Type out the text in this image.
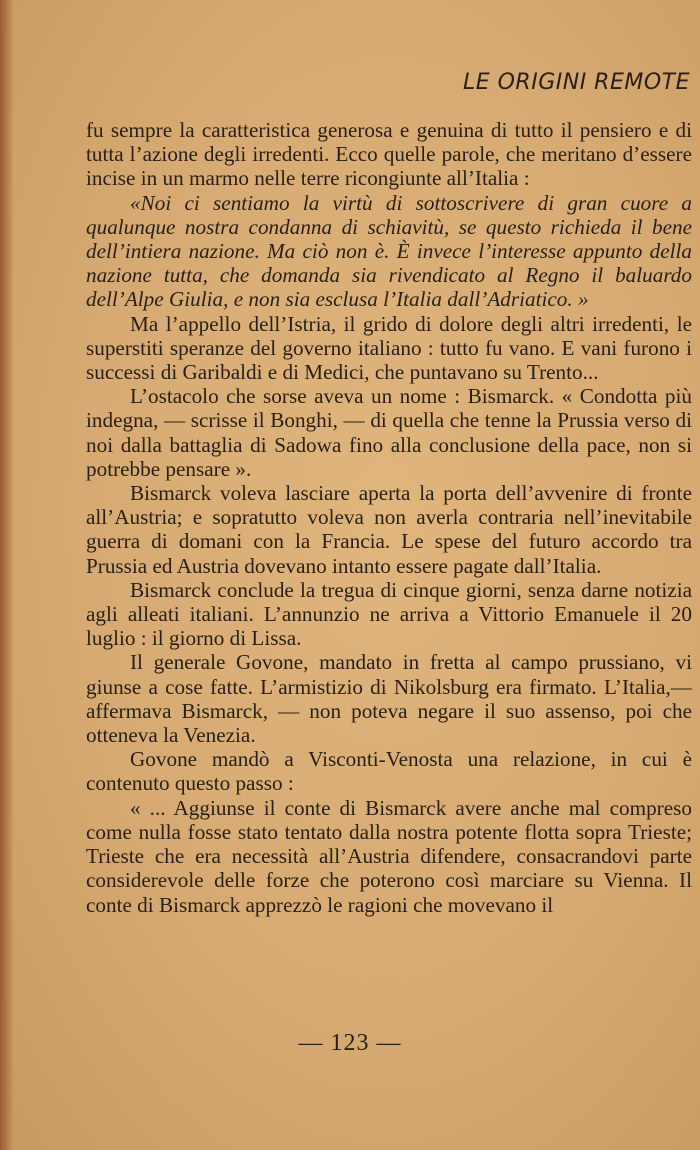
LE ORIGINI REMOTE

fu sempre la caratteristica generosa e genuina di tutto il pensiero e di tutta l’azione degli irredenti. Ecco quelle parole, che meritano d’essere incise in un marmo nelle terre ricongiunte all’Italia :

«Noi ci sentiamo la virtù di sottoscrivere di gran cuore a qualunque nostra condanna di schiavitù, se questo richieda il bene dell’intiera nazione. Ma ciò non è. È invece l’interesse appunto della nazione tutta, che domanda sia rivendicato al Regno il baluardo dell’Alpe Giulia, e non sia esclusa l’Italia dall’Adriatico. »

Ma l’appello dell’Istria, il grido di dolore degli altri irredenti, le superstiti speranze del governo italiano : tutto fu vano. E vani furono i successi di Garibaldi e di Medici, che puntavano su Trento...

L’ostacolo che sorse aveva un nome : Bismarck. « Condotta più indegna, — scrisse il Bonghi, — di quella che tenne la Prussia verso di noi dalla battaglia di Sadowa fino alla conclusione della pace, non si potrebbe pensare ».

Bismarck voleva lasciare aperta la porta dell’avvenire di fronte all’Austria; e sopratutto voleva non averla contraria nell’inevitabile guerra di domani con la Francia. Le spese del futuro accordo tra Prussia ed Austria dovevano intanto essere pagate dall’Italia.

Bismarck conclude la tregua di cinque giorni, senza darne notizia agli alleati italiani. L’annunzio ne arriva a Vittorio Emanuele il 20 luglio : il giorno di Lissa.

Il generale Govone, mandato in fretta al campo prussiano, vi giunse a cose fatte. L’armistizio di Nikolsburg era firmato. L’Italia,— affermava Bismarck, — non poteva negare il suo assenso, poi che otteneva la Venezia.

Govone mandò a Visconti-Venosta una relazione, in cui è contenuto questo passo :

« ... Aggiunse il conte di Bismarck avere anche mal compreso come nulla fosse stato tentato dalla nostra potente flotta sopra Trieste; Trieste che era necessità all’Austria difendere, consacrandovi parte considerevole delle forze che poterono così marciare su Vienna. Il conte di Bismarck apprezzò le ragioni che movevano il

— 123 —
